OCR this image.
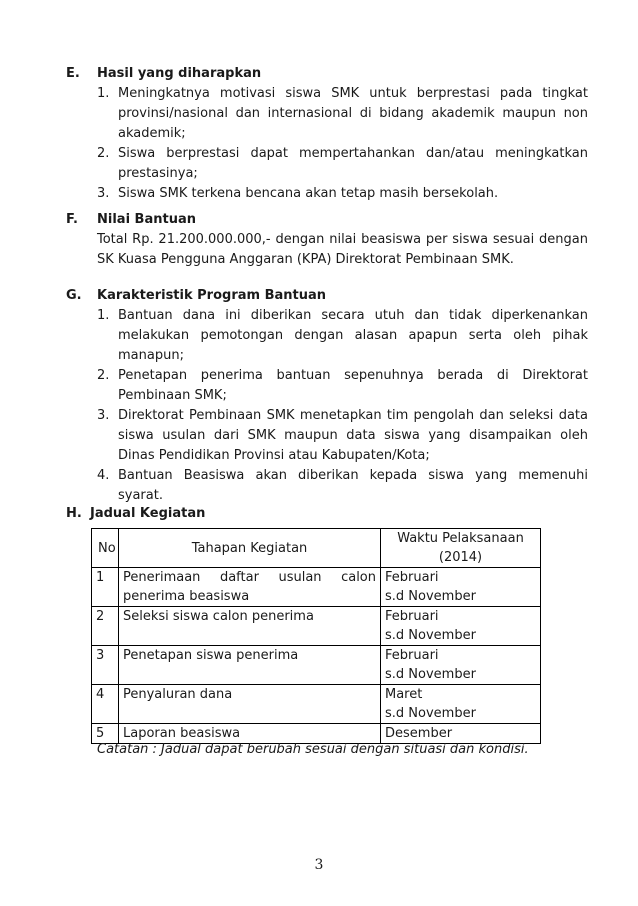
E. Hasil yang diharapkan
1. Meningkatnya motivasi siswa SMK untuk berprestasi pada tingkat provinsi/nasional dan internasional di bidang akademik maupun non akademik;
2. Siswa berprestasi dapat mempertahankan dan/atau meningkatkan prestasinya;
3. Siswa SMK terkena bencana akan tetap masih bersekolah.
F. Nilai Bantuan
Total Rp. 21.200.000.000,- dengan nilai beasiswa per siswa sesuai dengan SK Kuasa Pengguna Anggaran (KPA) Direktorat Pembinaan SMK.
G. Karakteristik Program Bantuan
1. Bantuan dana ini diberikan secara utuh dan tidak diperkenankan melakukan pemotongan dengan alasan apapun serta oleh pihak manapun;
2. Penetapan penerima bantuan sepenuhnya berada di Direktorat Pembinaan SMK;
3. Direktorat Pembinaan SMK menetapkan tim pengolah dan seleksi data siswa usulan dari SMK maupun data siswa yang disampaikan oleh Dinas Pendidikan Provinsi atau Kabupaten/Kota;
4. Bantuan Beasiswa akan diberikan kepada siswa yang memenuhi syarat.
H. Jadual Kegiatan
No	Tahapan Kegiatan	Waktu Pelaksanaan
(2014)

1	Penerimaan daftar usulan calon penerima beasiswa	Februari
s.d November

2	Seleksi siswa calon penerima	Februari
s.d November

3	Penetapan siswa penerima	Februari
s.d November

4	Penyaluran dana	Maret
s.d November

5	Laporan beasiswa	Desember
Catatan : Jadual dapat berubah sesuai dengan situasi dan kondisi.
3
